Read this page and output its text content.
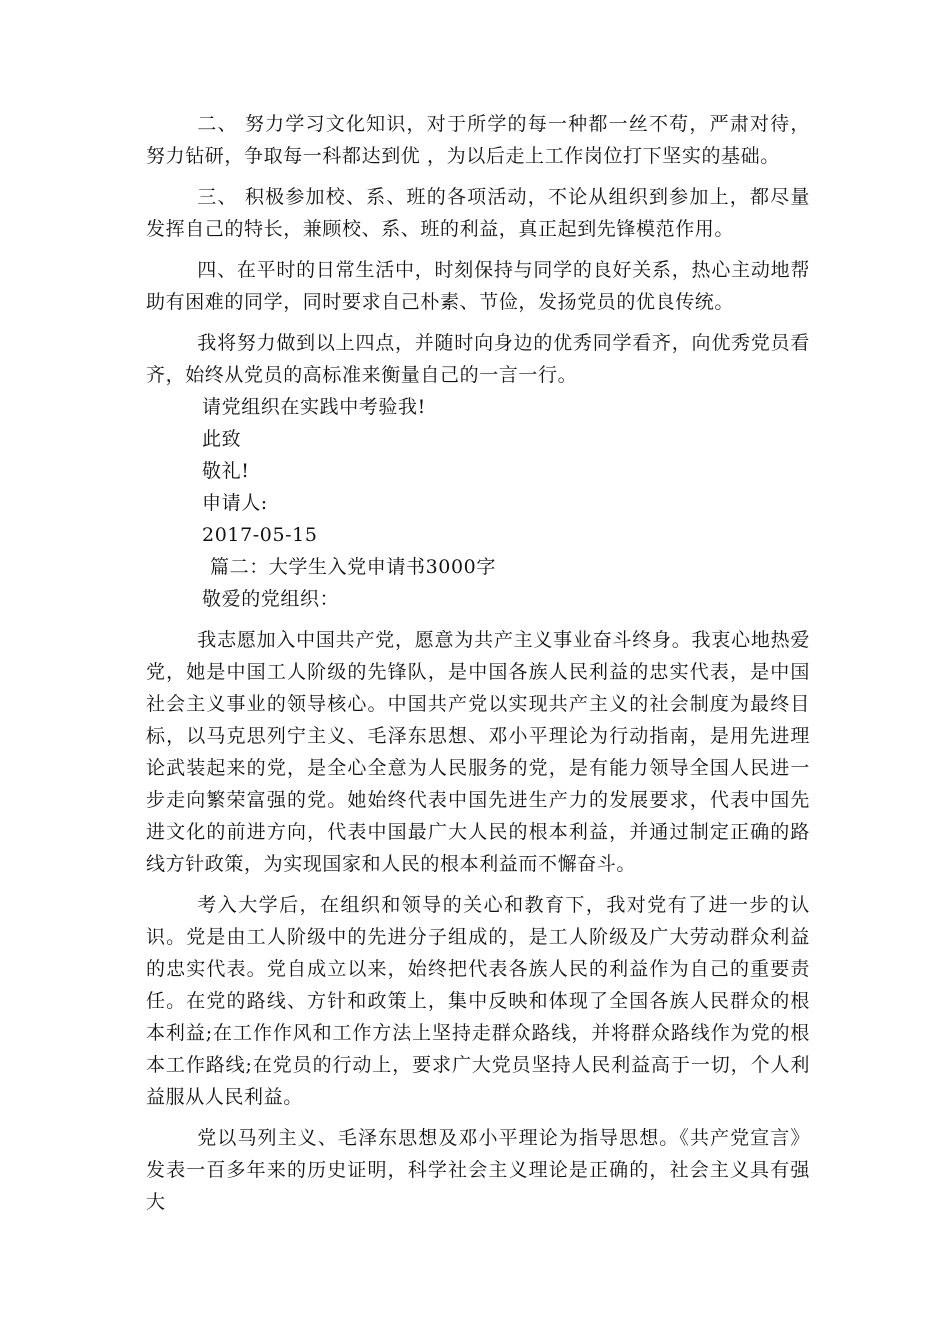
二、 努力学习文化知识，对于所学的每一种都一丝不苟，严肃对待，努力钻研，争取每一科都达到优 ，为以后走上工作岗位打下坚实的基础。

三、 积极参加校、系、班的各项活动，不论从组织到参加上，都尽量发挥自己的特长，兼顾校、系、班的利益，真正起到先锋模范作用。

四、在平时的日常生活中，时刻保持与同学的良好关系，热心主动地帮助有困难的同学，同时要求自己朴素、节俭，发扬党员的优良传统。

我将努力做到以上四点，并随时向身边的优秀同学看齐，向优秀党员看齐，始终从党员的高标准来衡量自己的一言一行。

请党组织在实践中考验我!

此致

敬礼!

申请人:

2017-05-15

篇二：大学生入党申请书3000字

敬爱的党组织：

我志愿加入中国共产党，愿意为共产主义事业奋斗终身。我衷心地热爱党，她是中国工人阶级的先锋队，是中国各族人民利益的忠实代表，是中国社会主义事业的领导核心。中国共产党以实现共产主义的社会制度为最终目标，以马克思列宁主义、毛泽东思想、邓小平理论为行动指南，是用先进理论武装起来的党，是全心全意为人民服务的党，是有能力领导全国人民进一步走向繁荣富强的党。她始终代表中国先进生产力的发展要求，代表中国先进文化的前进方向，代表中国最广大人民的根本利益，并通过制定正确的路线方针政策，为实现国家和人民的根本利益而不懈奋斗。

考入大学后，在组织和领导的关心和教育下，我对党有了进一步的认识。党是由工人阶级中的先进分子组成的，是工人阶级及广大劳动群众利益的忠实代表。党自成立以来，始终把代表各族人民的利益作为自己的重要责任。在党的路线、方针和政策上，集中反映和体现了全国各族人民群众的根本利益;在工作作风和工作方法上坚持走群众路线，并将群众路线作为党的根本工作路线;在党员的行动上，要求广大党员坚持人民利益高于一切，个人利益服从人民利益。

党以马列主义、毛泽东思想及邓小平理论为指导思想。《共产党宣言》发表一百多年来的历史证明，科学社会主义理论是正确的，社会主义具有强大
